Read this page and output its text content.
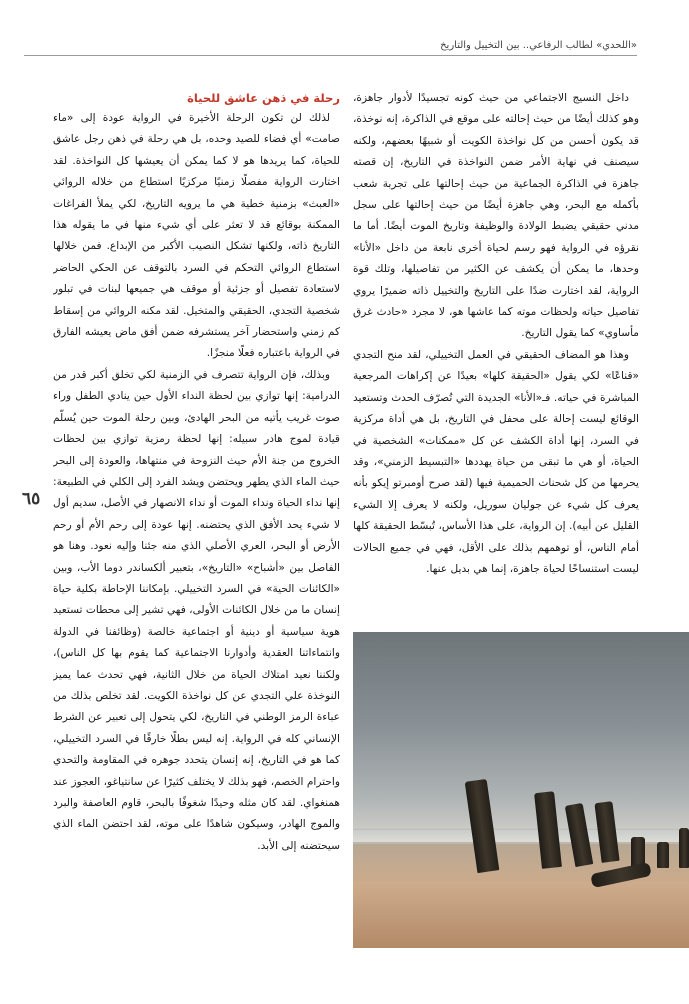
«اللحدي» لطالب الرفاعي.. بين التخييل والتاريخ

داخل النسيج الاجتماعي من حيث كونه تجسيدًا لأدوار جاهزة، وهو كذلك أيضًا من حيث إحالته على موقع في الذاكرة، إنه نوخذة، قد يكون أحسن من كل نواخذة الكويت أو شبيهًا بعضهم، ولكنه سيصنف في نهاية الأمر ضمن النواخذة في التاريخ، إن قصته جاهزة في الذاكرة الجماعية من حيث إحالتها على تجربة شعب بأكمله مع البحر، وهي جاهزة أيضًا من حيث إحالتها على سجل مدني حقيقي يضبط الولادة والوظيفة وتاريخ الموت أيضًا. أما ما نقرؤه في الرواية فهو رسم لحياة أخرى نابعة من داخل «الأنا» وحدها، ما يمكن أن يكشف عن الكثير من تفاصيلها، وتلك قوة الرواية، لقد اختارت ضدًا على التاريخ والتخييل ذاته ضميرًا يروي تفاصيل حياته ولحظات موته كما عاشها هو، لا مجرد «حادث غرق مأساوي» كما يقول التاريخ.

وهذا هو المضاف الحقيقي في العمل التخييلي، لقد منح التجدي «قناعًا» لكي يقول «الحقيقة كلها» بعيدًا عن إكراهات المرجعية المباشرة في حياته. فـ«الأنا» الجديدة التي تُصرّف الحدث وتستعيد الوقائع ليست إحالة على محفل في التاريخ، بل هي أداة مركزية في السرد، إنها أداة الكشف عن كل «ممكنات» الشخصية في الحياة، أو هي ما تبقى من حياة يهددها «التبسيط الزمني»، وقد يحرمها من كل شحنات الحميمية فيها (لقد صرح أومبرتو إيكو بأنه يعرف كل شيء عن جوليان سوريل، ولكنه لا يعرف إلا الشيء القليل عن أبيه). إن الرواية، على هذا الأساس، تُبسّط الحقيقة كلها أمام الناس، أو توهمهم بذلك على الأقل، فهي في جميع الحالات ليست استنساخًا لحياة جاهزة، إنما هي بديل عنها.

رحلة في ذهن عاشق للحياة

لذلك لن تكون الرحلة الأخيرة في الرواية عودة إلى «ماء صامت» أي فضاء للصيد وحده، بل هي رحلة في ذهن رجل عاشق للحياة، كما يريدها هو لا كما يمكن أن يعيشها كل النواخذة. لقد اختارت الرواية مفصلًا زمنيًا مركزيًا استطاع من خلاله الروائي «العبث» بزمنية خطية هي ما يرويه التاريخ، لكي يملأ الفراغات الممكنة بوقائع قد لا تعثر على أي شيء منها في ما يقوله هذا التاريخ ذاته، ولكنها تشكل النصيب الأكبر من الإبداع. فمن خلالها استطاع الروائي التحكم في السرد بالتوقف عن الحكي الحاضر لاستعادة تفصيل أو جزئية أو موقف هي جميعها لبنات في تبلور شخصية التجدي، الحقيقي والمتخيل. لقد مكنه الروائي من إسقاط كم زمني واستحضار آخر يستشرفه ضمن أفق ماض يعيشه الفارق في الرواية باعتباره فعلًا منجزًا.

وبذلك، فإن الرواية تتصرف في الزمنية لكي تخلق أكبر قدر من الدرامية: إنها توازي بين لحظة النداء الأول حين ينادي الطفل وراء صوت غريب يأتيه من البحر الهادئ، وبين رحلة الموت حين يُسلّم قيادة لموج هادر سبيله: إنها لحظة رمزية توازي بين لحظات الخروج من جنة الأم حيث النزوحة في منتهاها، والعودة إلى البحر حيث الماء الذي يطهر ويحتضن ويشد الفرد إلى الكلي في الطبيعة: إنها نداء الحياة ونداء الموت أو نداء الانصهار في الأصل، سديم أول لا شيء يحد الأفق الذي يحتضنه. إنها عودة إلى رحم الأم أو رحم الأرض أو البحر، العري الأصلي الذي منه جئنا وإليه نعود. وهنا هو الفاصل بين «أشباح» «التاريخ»، بتعبير ألكساندر دوما الأب، وبين «الكائنات الحية» في السرد التخييلي. بإمكاننا الإحاطة بكلية حياة إنسان ما من خلال الكائنات الأولى، فهي تشير إلى محطات تستعيد هوية سياسية أو دينية أو اجتماعية خالصة (وظائفنا في الدولة وانتماءاتنا العقدية وأدوارنا الاجتماعية كما يقوم بها كل الناس)، ولكننا نعيد امتلاك الحياة من خلال الثانية، فهي تحدث عما يميز النوخذة علي التجدي عن كل نواخذة الكويت. لقد تخلص بذلك من عباءة الرمز الوطني في التاريخ، لكي يتحول إلى تعبير عن الشرط الإنساني كله في الرواية. إنه ليس بطلًا خارقًا في السرد التخييلي، كما هو في التاريخ، إنه إنسان يتحدد جوهره في المقاومة والتحدي واحترام الخصم، فهو بذلك لا يختلف كثيرًا عن سانتياغو، العجوز عند همنغواي. لقد كان مثله وحيدًا شغوفًا بالبحر، قاوم العاصفة والبرد والموج الهادر، وسيكون شاهدًا على موته، لقد احتضن الماء الذي سيحتضنه إلى الأبد.

٦٥
